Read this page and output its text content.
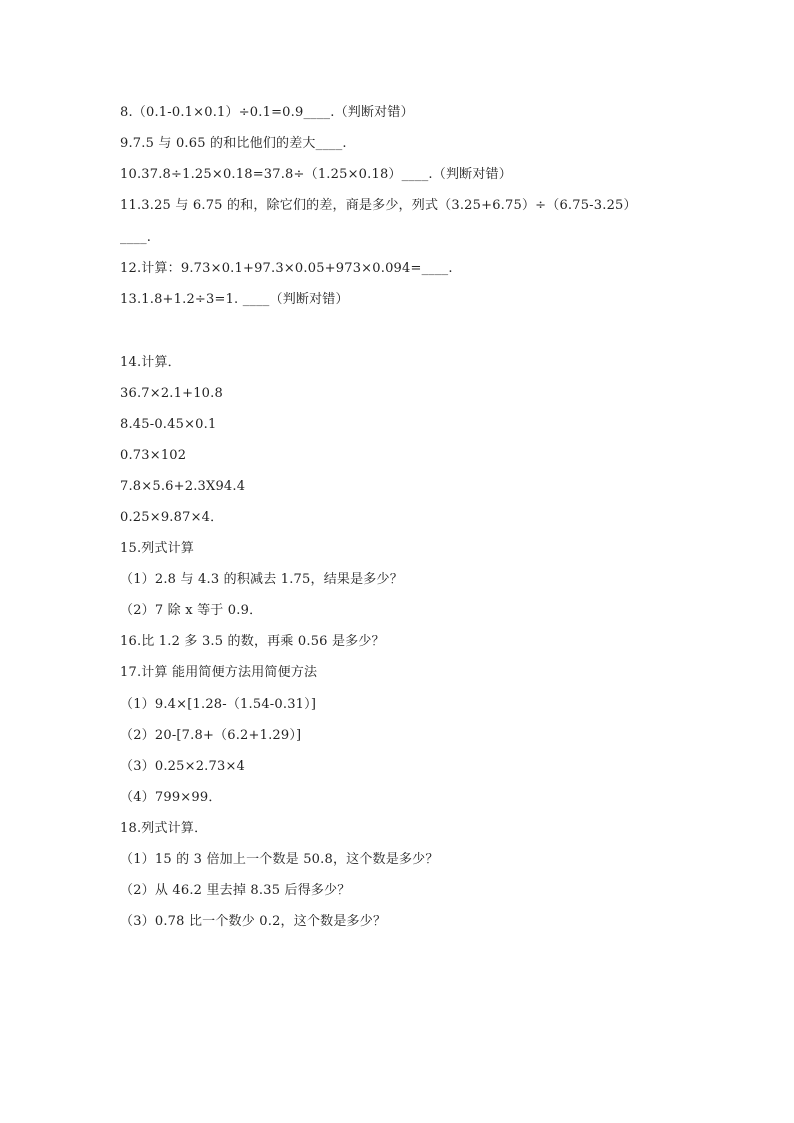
8.（0.1-0.1×0.1）÷0.1=0.9____.（判断对错）
9.7.5 与 0.65 的和比他们的差大____.
10.37.8÷1.25×0.18=37.8÷（1.25×0.18）____.（判断对错）
11.3.25 与 6.75 的和，除它们的差，商是多少，列式（3.25+6.75）÷（6.75-3.25）
____.
12.计算：9.73×0.1+97.3×0.05+973×0.094=____.
13.1.8+1.2÷3=1. ____（判断对错）
14.计算．
36.7×2.1+10.8
8.45-0.45×0.1
0.73×102
7.8×5.6+2.3X94.4
0.25×9.87×4．
15.列式计算
（1）2.8 与 4.3 的积减去 1.75，结果是多少？
（2）7 除 x 等于 0.9．
16.比 1.2 多 3.5 的数，再乘 0.56 是多少？
17.计算 能用简便方法用简便方法
（1）9.4×[1.28-（1.54-0.31）]
（2）20-[7.8+（6.2+1.29）]
（3）0.25×2.73×4
（4）799×99．
18.列式计算．
（1）15 的 3 倍加上一个数是 50.8，这个数是多少？
（2）从 46.2 里去掉 8.35 后得多少？
（3）0.78 比一个数少 0.2，这个数是多少？
